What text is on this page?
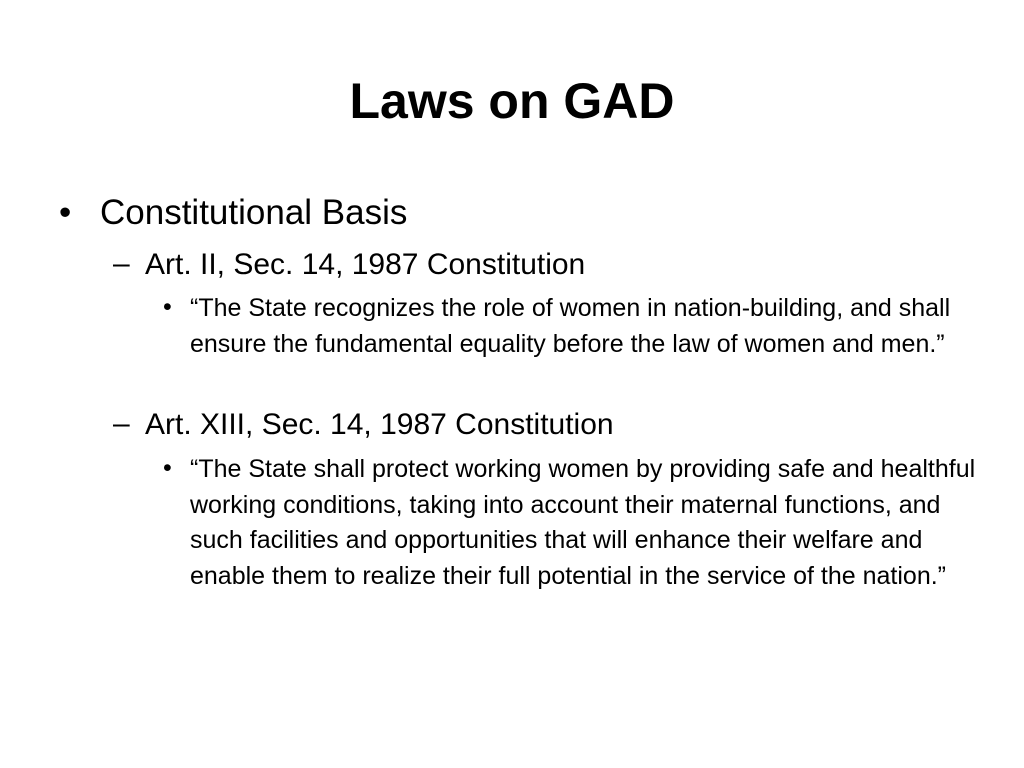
Laws on GAD
• Constitutional Basis
– Art. II, Sec. 14, 1987 Constitution
• “The State recognizes the role of women in nation-building, and shall ensure the fundamental equality before the law of women and men.”
– Art. XIII, Sec. 14, 1987 Constitution
• “The State shall protect working women by providing safe and healthful working conditions, taking into account their maternal functions, and such facilities and opportunities that will enhance their welfare and enable them to realize their full potential in the service of the nation.”
